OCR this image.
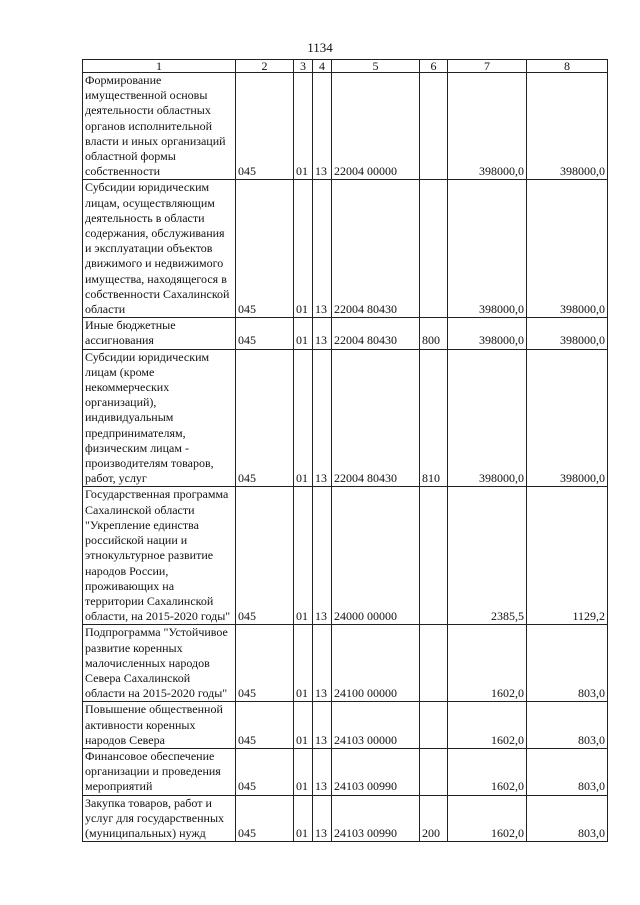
1134
1	2	3	4	5	6	7	8
Формирование имущественной основы деятельности областных органов исполнительной власти и иных организаций областной формы собственности	045	01	13	22004 00000		398000,0	398000,0
Субсидии юридическим лицам, осуществляющим деятельность в области содержания, обслуживания и эксплуатации объектов движимого и недвижимого имущества, находящегося в собственности Сахалинской области	045	01	13	22004 80430		398000,0	398000,0
Иные бюджетные ассигнования	045	01	13	22004 80430	800	398000,0	398000,0
Субсидии юридическим лицам (кроме некоммерческих организаций), индивидуальным предпринимателям, физическим лицам - производителям товаров, работ, услуг	045	01	13	22004 80430	810	398000,0	398000,0
Государственная программа Сахалинской области "Укрепление единства российской нации и этнокультурное развитие народов России, проживающих на территории Сахалинской области, на 2015-2020 годы"	045	01	13	24000 00000		2385,5	1129,2
Подпрограмма "Устойчивое развитие коренных малочисленных народов Севера Сахалинской области на 2015-2020 годы"	045	01	13	24100 00000		1602,0	803,0
Повышение общественной активности коренных народов Севера	045	01	13	24103 00000		1602,0	803,0
Финансовое обеспечение организации и проведения мероприятий	045	01	13	24103 00990		1602,0	803,0
Закупка товаров, работ и услуг для государственных (муниципальных) нужд	045	01	13	24103 00990	200	1602,0	803,0
